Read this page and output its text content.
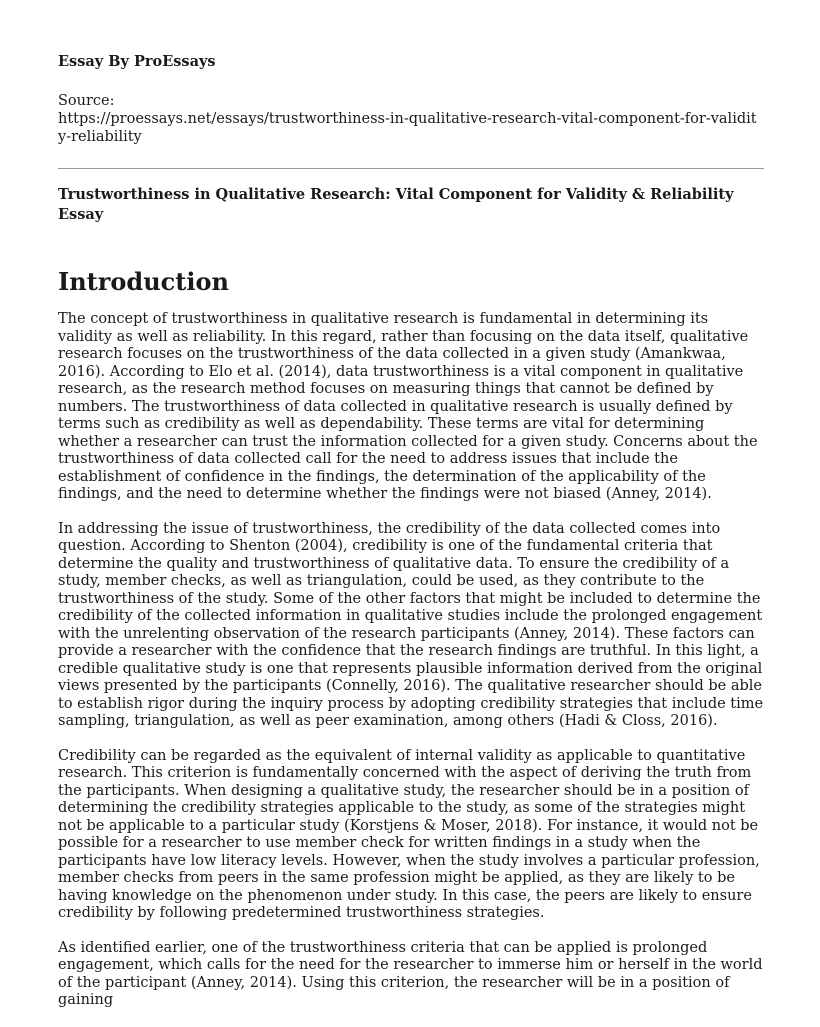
Essay By ProEssays
Source:
https://proessays.net/essays/trustworthiness-in-qualitative-research-vital-component-for-validity-reliability
Trustworthiness in Qualitative Research: Vital Component for Validity & Reliability Essay
Introduction

The concept of trustworthiness in qualitative research is fundamental in determining its validity as well as reliability. In this regard, rather than focusing on the data itself, qualitative research focuses on the trustworthiness of the data collected in a given study (Amankwaa, 2016). According to Elo et al. (2014), data trustworthiness is a vital component in qualitative research, as the research method focuses on measuring things that cannot be defined by numbers. The trustworthiness of data collected in qualitative research is usually defined by terms such as credibility as well as dependability. These terms are vital for determining whether a researcher can trust the information collected for a given study. Concerns about the trustworthiness of data collected call for the need to address issues that include the establishment of confidence in the findings, the determination of the applicability of the findings, and the need to determine whether the findings were not biased (Anney, 2014).

In addressing the issue of trustworthiness, the credibility of the data collected comes into question. According to Shenton (2004), credibility is one of the fundamental criteria that determine the quality and trustworthiness of qualitative data. To ensure the credibility of a study, member checks, as well as triangulation, could be used, as they contribute to the trustworthiness of the study. Some of the other factors that might be included to determine the credibility of the collected information in qualitative studies include the prolonged engagement with the unrelenting observation of the research participants (Anney, 2014). These factors can provide a researcher with the confidence that the research findings are truthful. In this light, a credible qualitative study is one that represents plausible information derived from the original views presented by the participants (Connelly, 2016). The qualitative researcher should be able to establish rigor during the inquiry process by adopting credibility strategies that include time sampling, triangulation, as well as peer examination, among others (Hadi & Closs, 2016).

Credibility can be regarded as the equivalent of internal validity as applicable to quantitative research. This criterion is fundamentally concerned with the aspect of deriving the truth from the participants. When designing a qualitative study, the researcher should be in a position of determining the credibility strategies applicable to the study, as some of the strategies might not be applicable to a particular study (Korstjens & Moser, 2018). For instance, it would not be possible for a researcher to use member check for written findings in a study when the participants have low literacy levels. However, when the study involves a particular profession, member checks from peers in the same profession might be applied, as they are likely to be having knowledge on the phenomenon under study. In this case, the peers are likely to ensure credibility by following predetermined trustworthiness strategies.

As identified earlier, one of the trustworthiness criteria that can be applied is prolonged engagement, which calls for the need for the researcher to immerse him or herself in the world of the participant (Anney, 2014). Using this criterion, the researcher will be in a position of gaining
